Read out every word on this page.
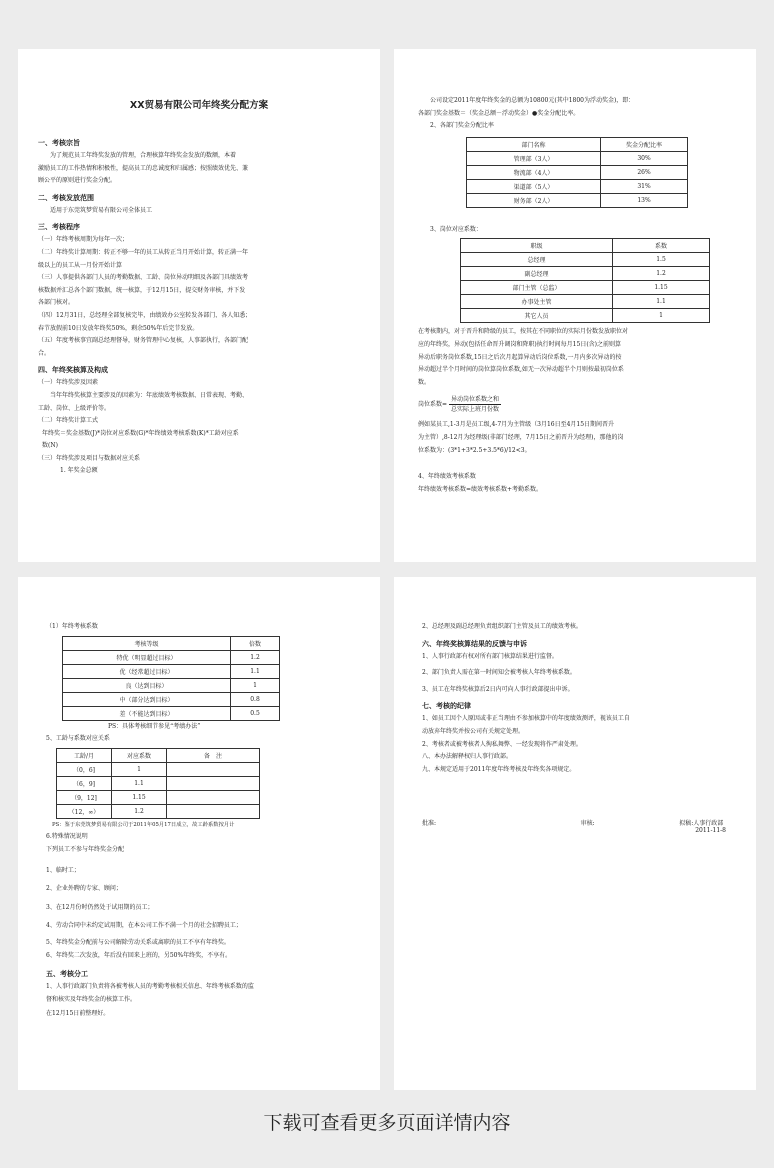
XX贸易有限公司年终奖分配方案
一、考核宗旨
为了规范员工年终奖发放的管理，合理核算年终奖金发放的数额，本着
激励员工的工作热情和积极性，提高员工的忠诚度和归属感；按照绩效优先、兼
顾公平的原则进行奖金分配。
二、考核发放范围
适用于东莞筑梦贸易有限公司全体员工
三、考核程序
（一）年终考核周期为每年一次；
（二）年终奖计算周期：转正不够一年的员工从转正当月开始计算，转正满一年
级以上的员工从一月份开始计算
（三）人事提供各部门人员的考勤数据、工龄、岗位异动明细及各部门具绩效考
核数据并汇总各个部门数据，统一核算，于12月15日，提交财务审核，并下发
各部门核对。
（四）12月31日，总经理全部复核完毕，由绩效办公室转发各部门、各人知悉；
春节放假前10日发放年终奖50%，剩余50%年后完节发放。
（五）年度考核事宜副总经理督导，财务管理中心复核，人事部执行，各部门配
合。
四、年终奖核算及构成
（一）年终奖涉及因素
当年年终奖核算主要涉及的因素为：年底绩效考核数据、日常表现、考勤、
工龄、岗位、上级评价等。
（二）年终奖计算工式
年终奖＝奖金基数(J)*岗位对应系数(G)*年终绩效考核系数(K)*工龄对应系
数(N)
（三）年终奖涉及项目与数据对应关系
1. 年奖金总额
公司设定2011年度年终奖金的总额为10800元(其中1800为浮动奖金)，即：
各部门奖金基数＝（奖金总额－浮动奖金）●奖金分配比率。
2、各部门奖金分配比率
部门名称	奖金分配比率
管理部（3人）	30%
物流部（4人）	26%
渠道部（5人）	31%
财务部（2人）	13%
3、岗位对应系数：
职级	系数
总经理	1.5
副总经理	1.2
部门主管（总监）	1.15
办事处主管	1.1
其它人员	1
在考核期内，对于晋升和降级的员工，按其在不同职位的实际月份数发放职位对
应的年终奖，异动(包括任命晋升调岗和降职)执行时间每月15日(含)之前则算
异动后职务岗位系数,15日之后次月起算异动后岗位系数,一月内多次异动的按
异动超过半个月时间的岗位算岗位系数,如无一次异动超半个月则按最初岗位系
数。
岗位系数= $\frac{\text{异动岗位系数之和}}{\text{总实际上班月份数}}$
例如某员工,1-3月是员工级,4-7月为主管级（3月16日至4月15日期间晋升
为主管）,8-12月为经理级(非部门经理，7月15日之前晋升为经理)，那他的岗
位系数为：(3*1+3*2.5+3.5*6)/12<3。
4、年终绩效考核系数
年终绩效考核系数=绩效考核系数+考勤系数。
（1）年终考核系数
考核等级	倍数
特优（明显超过目标）	1.2
优（经常超过目标）	1.1
良（达到目标）	1
中（部分达到目标）	0.8
差（不能达到目标）	0.5
PS：具体考核细节参见“考绩办法”
5、工龄与系数对应关系
工龄/月	对应系数	备　注
（0，6]	1	
（6，9]	1.1	
（9，12]	1.15	
（12，∞）	1.2	
PS：鉴于东莞筑梦贸易有限公司于2011年05月17日成立，故工龄系数按月计
6.特殊情况说明
下列员工不参与年终奖金分配
1、临时工；
2、企业外聘的专家、顾问；
3、在12月份时仍然处于试用期的员工；
4、劳动合同中未约定试用期，在本公司工作不满一个月的社会招聘员工；
5、年终奖金分配前与公司解除劳动关系或离职的员工不享有年终奖。
6、年终奖二次发放，年后没有回来上班的，另50%年终奖，不享有。
五、考核分工
1、人事行政部门负责将各被考核人员的考勤考核相关信息、年终考核系数的监
督和核实及年终奖金的核算工作。
在12月15日前整理好。
2、总经理及副总经理负责组织部门主管及员工的绩效考核。
六、年终奖核算结果的反馈与申诉
1、人事行政部有权对所有部门核算结果进行监督。
2、部门负责人需在第一时间知会被考核人年终考核系数。
3、员工在年终奖核算后2日内可向人事行政部提出申诉。
七、考核的纪律
1、如员工因个人原因或非正当理由不参加核算中的年度绩效测评，视该员工自
动放弃年终奖并按公司有关规定处理。
2、考核者或被考核者人徇私舞弊、一经发现将作严肃处理。
八、本办法解释权归人事行政部。
九、本规定适用于2011年度年终考核及年终奖各项规定。
批准:	审核:	拟稿:人事行政部
2011-11-8
下载可查看更多页面详情内容
